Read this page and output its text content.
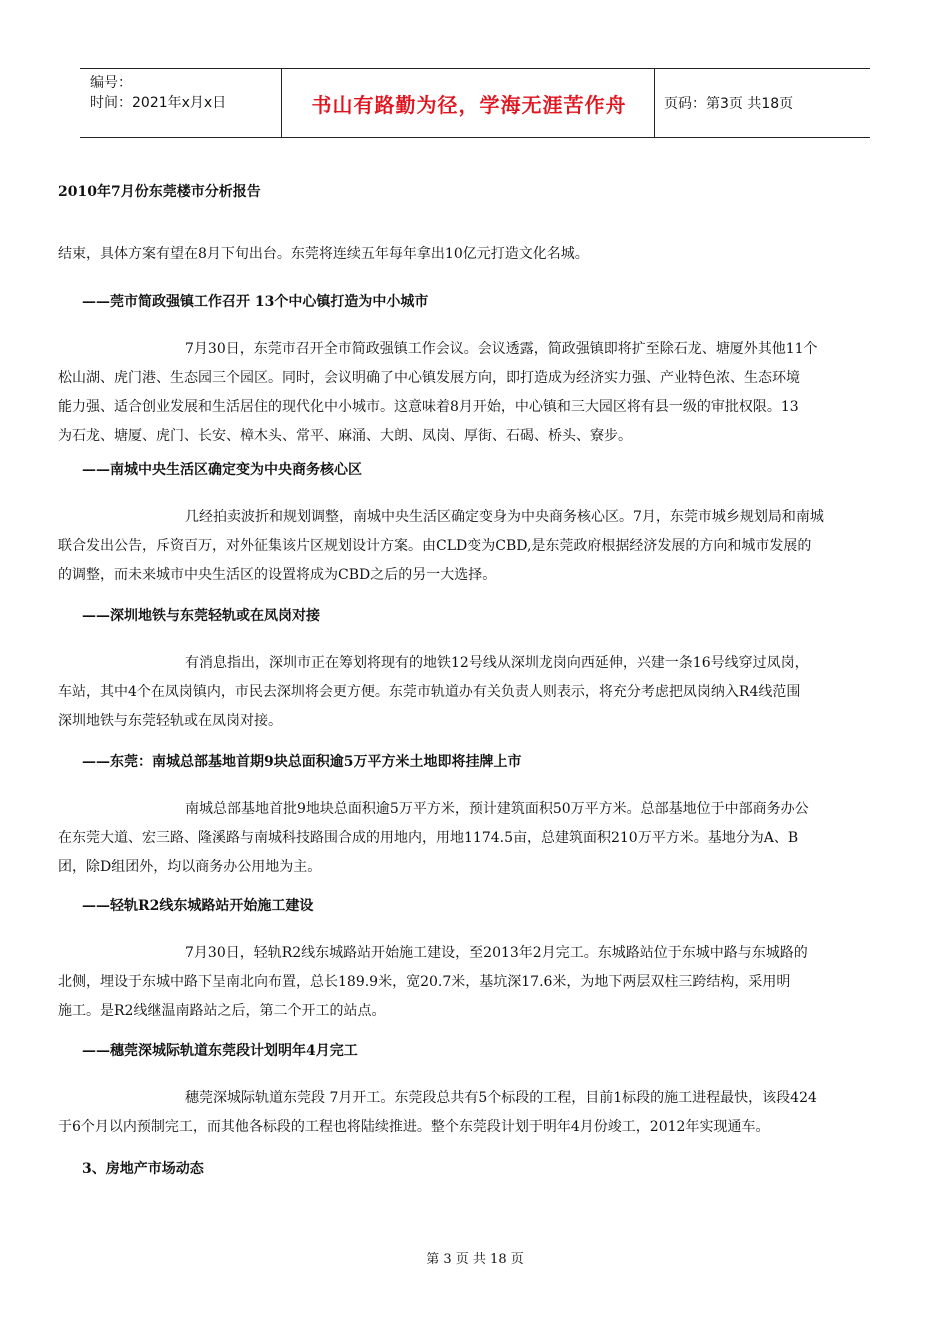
编号：
时间：2021年x月x日	书山有路勤为径，学海无涯苦作舟	页码：第3页 共18页
2010年7月份东莞楼市分析报告
结束，具体方案有望在8月下旬出台。东莞将连续五年每年拿出10亿元打造文化名城。
——莞市简政强镇工作召开 13个中心镇打造为中小城市
7月30日，东莞市召开全市简政强镇工作会议。会议透露，简政强镇即将扩至除石龙、塘厦外其他11个
松山湖、虎门港、生态园三个园区。同时，会议明确了中心镇发展方向，即打造成为经济实力强、产业特色浓、生态环境
能力强、适合创业发展和生活居住的现代化中小城市。这意味着8月开始，中心镇和三大园区将有县一级的审批权限。13
为石龙、塘厦、虎门、长安、樟木头、常平、麻涌、大朗、凤岗、厚街、石碣、桥头、寮步。
——南城中央生活区确定变为中央商务核心区
几经拍卖波折和规划调整，南城中央生活区确定变身为中央商务核心区。7月，东莞市城乡规划局和南城
联合发出公告，斥资百万，对外征集该片区规划设计方案。由CLD变为CBD,是东莞政府根据经济发展的方向和城市发展的
的调整，而未来城市中央生活区的设置将成为CBD之后的另一大选择。
——深圳地铁与东莞轻轨或在凤岗对接
有消息指出，深圳市正在筹划将现有的地铁12号线从深圳龙岗向西延伸，兴建一条16号线穿过凤岗，
车站，其中4个在凤岗镇内，市民去深圳将会更方便。东莞市轨道办有关负责人则表示，将充分考虑把凤岗纳入R4线范围
深圳地铁与东莞轻轨或在凤岗对接。
——东莞：南城总部基地首期9块总面积逾5万平方米土地即将挂牌上市
南城总部基地首批9地块总面积逾5万平方米，预计建筑面积50万平方米。总部基地位于中部商务办公
在东莞大道、宏三路、隆溪路与南城科技路围合成的用地内，用地1174.5亩，总建筑面积210万平方米。基地分为A、B
团，除D组团外，均以商务办公用地为主。
——轻轨R2线东城路站开始施工建设
7月30日，轻轨R2线东城路站开始施工建设，至2013年2月完工。东城路站位于东城中路与东城路的
北侧，埋设于东城中路下呈南北向布置，总长189.9米，宽20.7米，基坑深17.6米，为地下两层双柱三跨结构，采用明
施工。是R2线继温南路站之后，第二个开工的站点。
——穗莞深城际轨道东莞段计划明年4月完工
穗莞深城际轨道东莞段 7月开工。东莞段总共有5个标段的工程，目前1标段的施工进程最快，该段424
于6个月以内预制完工，而其他各标段的工程也将陆续推进。整个东莞段计划于明年4月份竣工，2012年实现通车。
3、房地产市场动态
第 3 页 共 18 页
